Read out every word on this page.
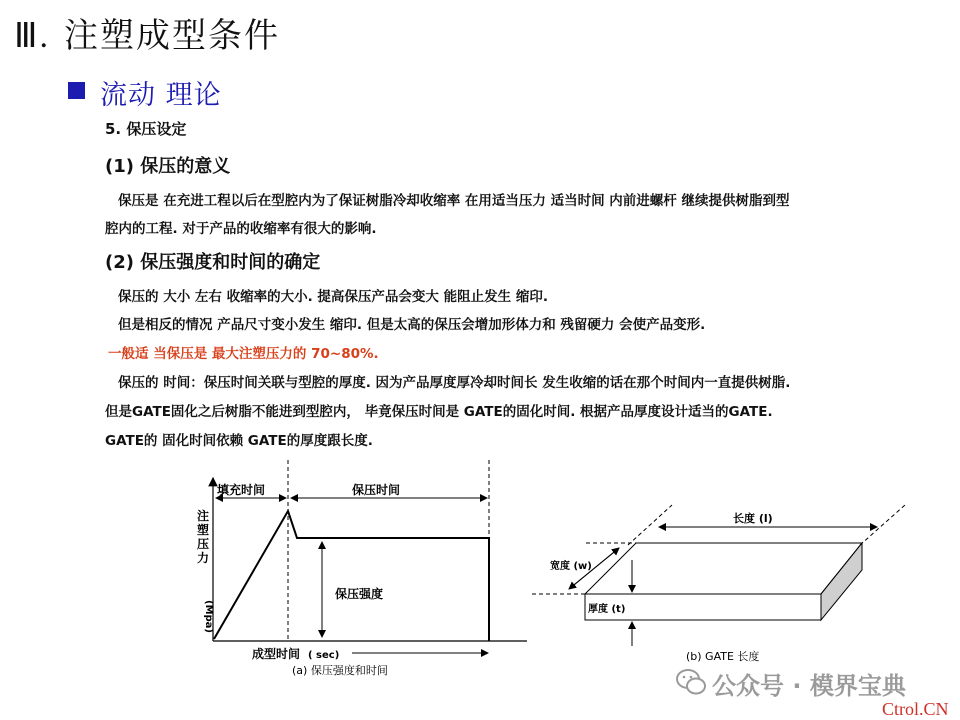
Ⅲ. 注塑成型条件
流动 理论
5. 保压设定
(1) 保压的意义
保压是 在充进工程以后在型腔内为了保证树脂冷却收缩率 在用适当压力 适当时间 内前进螺杆 继续提供树脂到型
腔内的工程. 对于产品的收缩率有很大的影响.
(2) 保压强度和时间的确定
保压的 大小 左右 收缩率的大小. 提高保压产品会变大 能阻止发生 缩印.
但是相反的情况 产品尺寸变小发生 缩印. 但是太高的保压会增加形体力和 残留硬力 会使产品变形.
一般适 当保压是 最大注塑压力的 70~80%.
保压的 时间：保压时间关联与型腔的厚度. 因为产品厚度厚冷却时间长 发生收缩的话在那个时间内一直提供树脂.
但是GATE固化之后树脂不能进到型腔内， 毕竟保压时间是 GATE的固化时间. 根据产品厚度设计适当的GATE.
GATE的 固化时间依赖 GATE的厚度跟长度.
填充时间	保压时间
保压强度
注
塑
压
力
(Mpa)
成型时间 ( sec)
(a) 保压强度和时间
长度 (l)
宽度 (w)
厚度 (t)
(b) GATE 长度
公众号 · 模界宝典
Ctrol.CN
